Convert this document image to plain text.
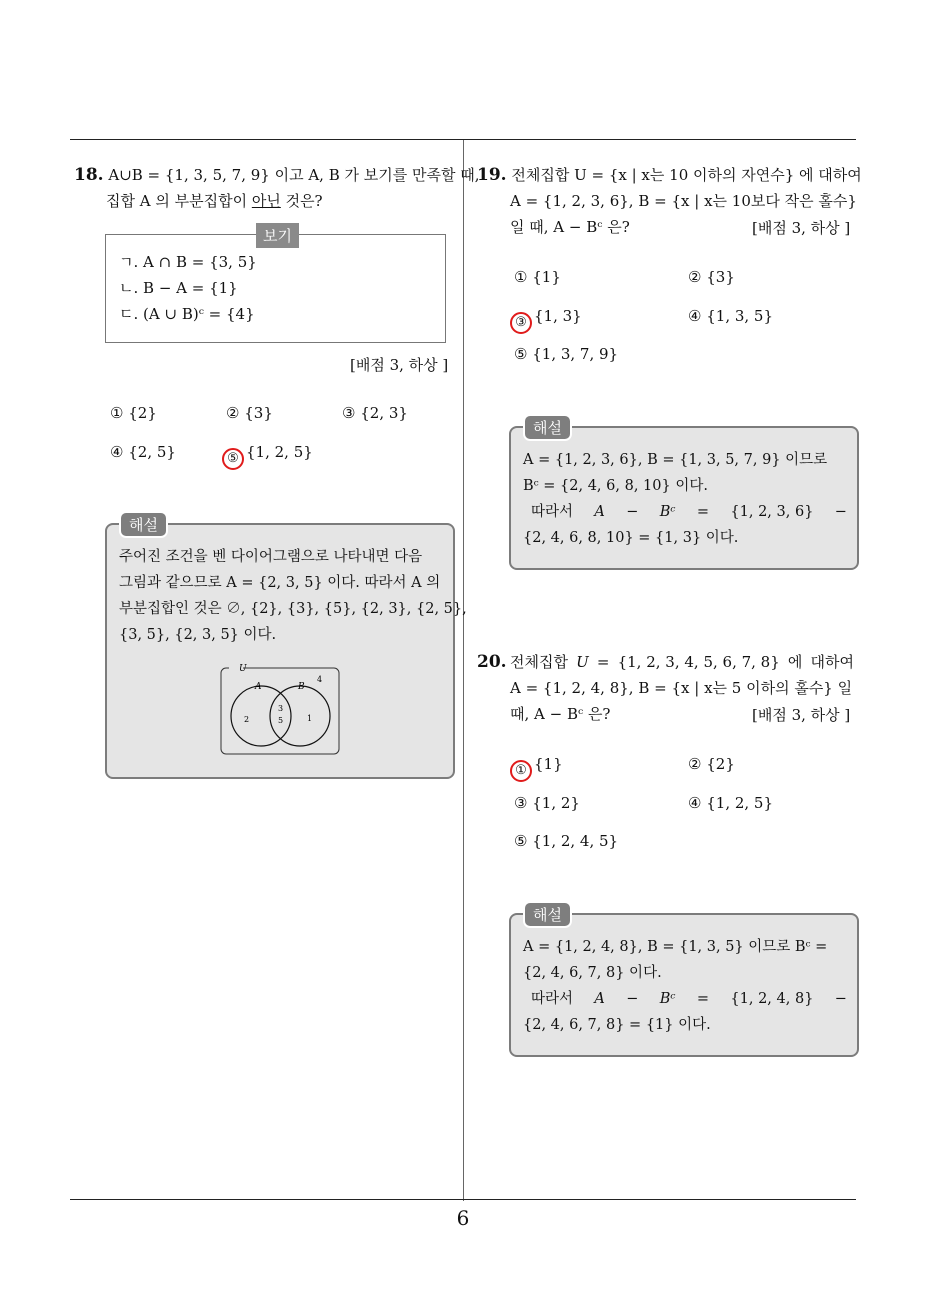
6
18. A∪B = {1, 3, 5, 7, 9} 이고 A, B 가 보기를 만족할 때,
집합 A 의 부분집합이 아닌 것은?
보기
ㄱ. A ∩ B = {3, 5}
ㄴ. B − A = {1}
ㄷ. (A ∪ B)ᶜ = {4}
[배점 3, 하상 ]
① {2}	② {3}	③ {2, 3}
④ {2, 5}	⑤ {1, 2, 5}
해설
주어진 조건을 벤 다이어그램으로 나타내면 다음
그림과 같으므로 A = {2, 3, 5} 이다. 따라서 A 의
부분집합인 것은 ∅, {2}, {3}, {5}, {2, 3}, {2, 5},
{3, 5}, {2, 3, 5} 이다.
U
A	B
4
2
3
5	1
19. 전체집합 U = {x | x는 10 이하의 자연수} 에 대하여
A = {1, 2, 3, 6}, B = {x | x는 10보다 작은 홀수}
일 때, A − Bᶜ 은?	[배점 3, 하상 ]
① {1}	② {3}
③ {1, 3}	④ {1, 3, 5}
⑤ {1, 3, 7, 9}
해설
A = {1, 2, 3, 6}, B = {1, 3, 5, 7, 9} 이므로
Bᶜ = {2, 4, 6, 8, 10} 이다.
따라서 A − Bᶜ = {1, 2, 3, 6} −
{2, 4, 6, 8, 10} = {1, 3} 이다.
20. 전체집합 U = {1, 2, 3, 4, 5, 6, 7, 8} 에 대하여
A = {1, 2, 4, 8}, B = {x | x는 5 이하의 홀수} 일
때, A − Bᶜ 은?	[배점 3, 하상 ]
① {1}	② {2}
③ {1, 2}	④ {1, 2, 5}
⑤ {1, 2, 4, 5}
해설
A = {1, 2, 4, 8}, B = {1, 3, 5} 이므로 Bᶜ =
{2, 4, 6, 7, 8} 이다.
따라서 A − Bᶜ = {1, 2, 4, 8} −
{2, 4, 6, 7, 8} = {1} 이다.
